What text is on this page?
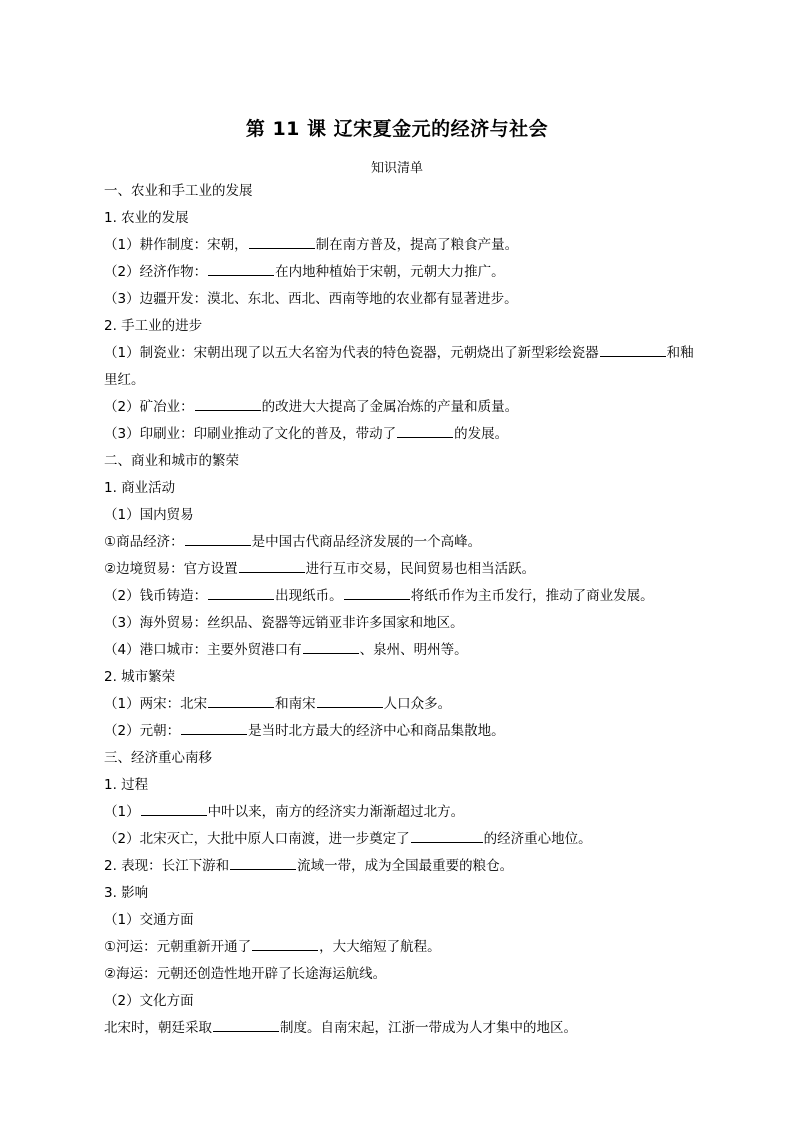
第 11 课 辽宋夏金元的经济与社会
知识清单
一、农业和手工业的发展
1. 农业的发展
（1）耕作制度：宋朝，	制在南方普及，提高了粮食产量。
（2）经济作物：	在内地种植始于宋朝，元朝大力推广。
（3）边疆开发：漠北、东北、西北、西南等地的农业都有显著进步。
2. 手工业的进步
（1）制瓷业：宋朝出现了以五大名窑为代表的特色瓷器，元朝烧出了新型彩绘瓷器	和釉
里红。
（2）矿冶业：	的改进大大提高了金属冶炼的产量和质量。
（3）印刷业：印刷业推动了文化的普及，带动了	的发展。
二、商业和城市的繁荣
1. 商业活动
（1）国内贸易
①商品经济：	是中国古代商品经济发展的一个高峰。
②边境贸易：官方设置	进行互市交易，民间贸易也相当活跃。
（2）钱币铸造：	出现纸币。	将纸币作为主币发行，推动了商业发展。
（3）海外贸易：丝织品、瓷器等远销亚非许多国家和地区。
（4）港口城市：主要外贸港口有	、泉州、明州等。
2. 城市繁荣
（1）两宋：北宋	和南宋	人口众多。
（2）元朝：	是当时北方最大的经济中心和商品集散地。
三、经济重心南移
1. 过程
（1）	中叶以来，南方的经济实力渐渐超过北方。
（2）北宋灭亡，大批中原人口南渡，进一步奠定了	的经济重心地位。
2. 表现：长江下游和	流域一带，成为全国最重要的粮仓。
3. 影响
（1）交通方面
①河运：元朝重新开通了	，大大缩短了航程。
②海运：元朝还创造性地开辟了长途海运航线。
（2）文化方面
北宋时，朝廷采取	制度。自南宋起，江浙一带成为人才集中的地区。
